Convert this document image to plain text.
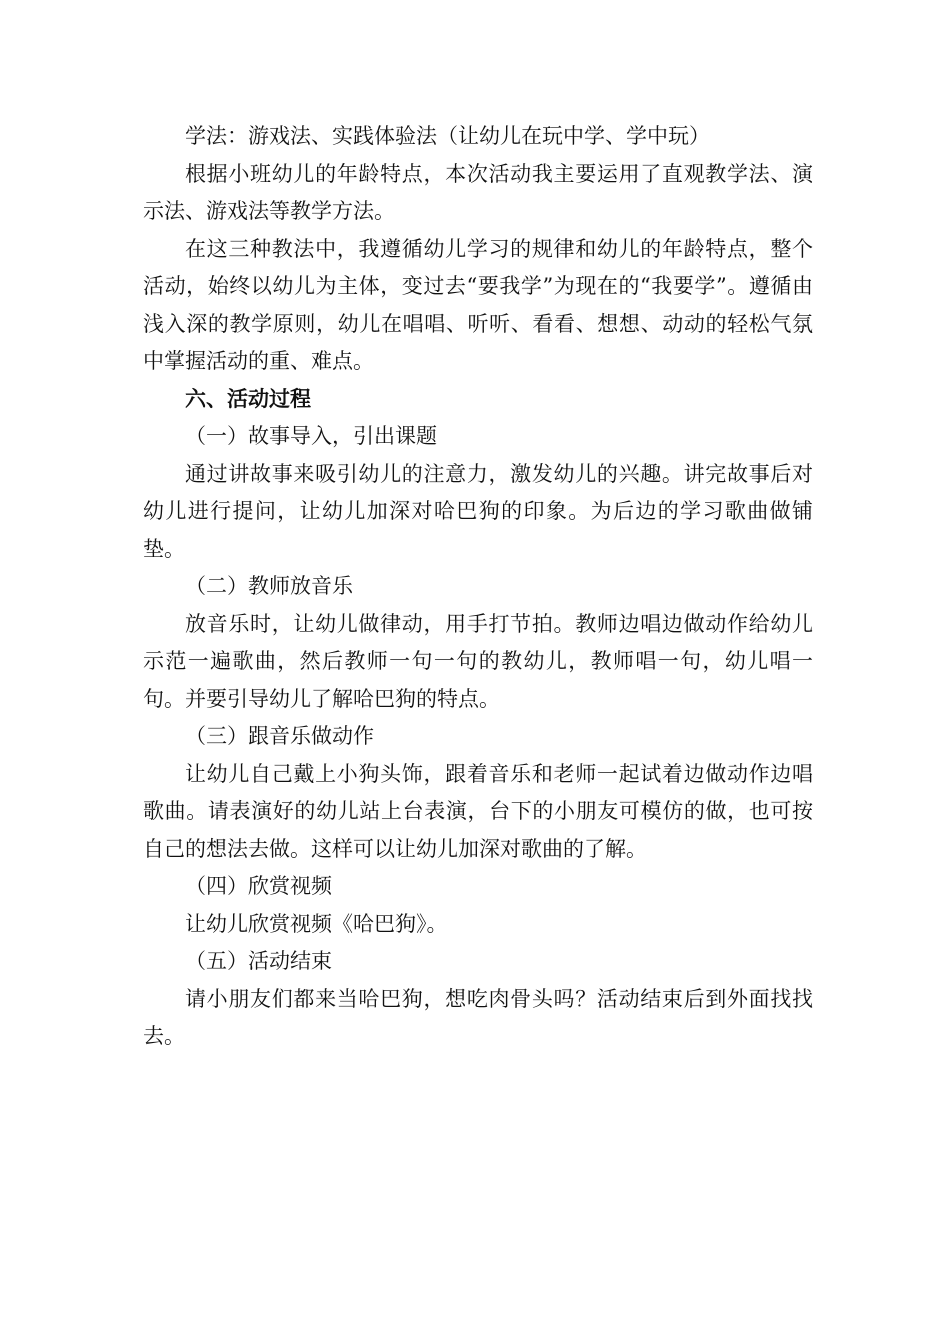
学法：游戏法、实践体验法（让幼儿在玩中学、学中玩）

根据小班幼儿的年龄特点，本次活动我主要运用了直观教学法、演示法、游戏法等教学方法。

在这三种教法中，我遵循幼儿学习的规律和幼儿的年龄特点，整个活动，始终以幼儿为主体，变过去“要我学”为现在的“我要学”。遵循由浅入深的教学原则，幼儿在唱唱、听听、看看、想想、动动的轻松气氛中掌握活动的重、难点。

六、活动过程

（一）故事导入，引出课题

通过讲故事来吸引幼儿的注意力，激发幼儿的兴趣。讲完故事后对幼儿进行提问，让幼儿加深对哈巴狗的印象。为后边的学习歌曲做铺垫。

（二）教师放音乐

放音乐时，让幼儿做律动，用手打节拍。教师边唱边做动作给幼儿示范一遍歌曲，然后教师一句一句的教幼儿，教师唱一句，幼儿唱一句。并要引导幼儿了解哈巴狗的特点。

（三）跟音乐做动作

让幼儿自己戴上小狗头饰，跟着音乐和老师一起试着边做动作边唱歌曲。请表演好的幼儿站上台表演，台下的小朋友可模仿的做，也可按自己的想法去做。这样可以让幼儿加深对歌曲的了解。

（四）欣赏视频

让幼儿欣赏视频《哈巴狗》。

（五）活动结束

请小朋友们都来当哈巴狗，想吃肉骨头吗？活动结束后到外面找找去。
